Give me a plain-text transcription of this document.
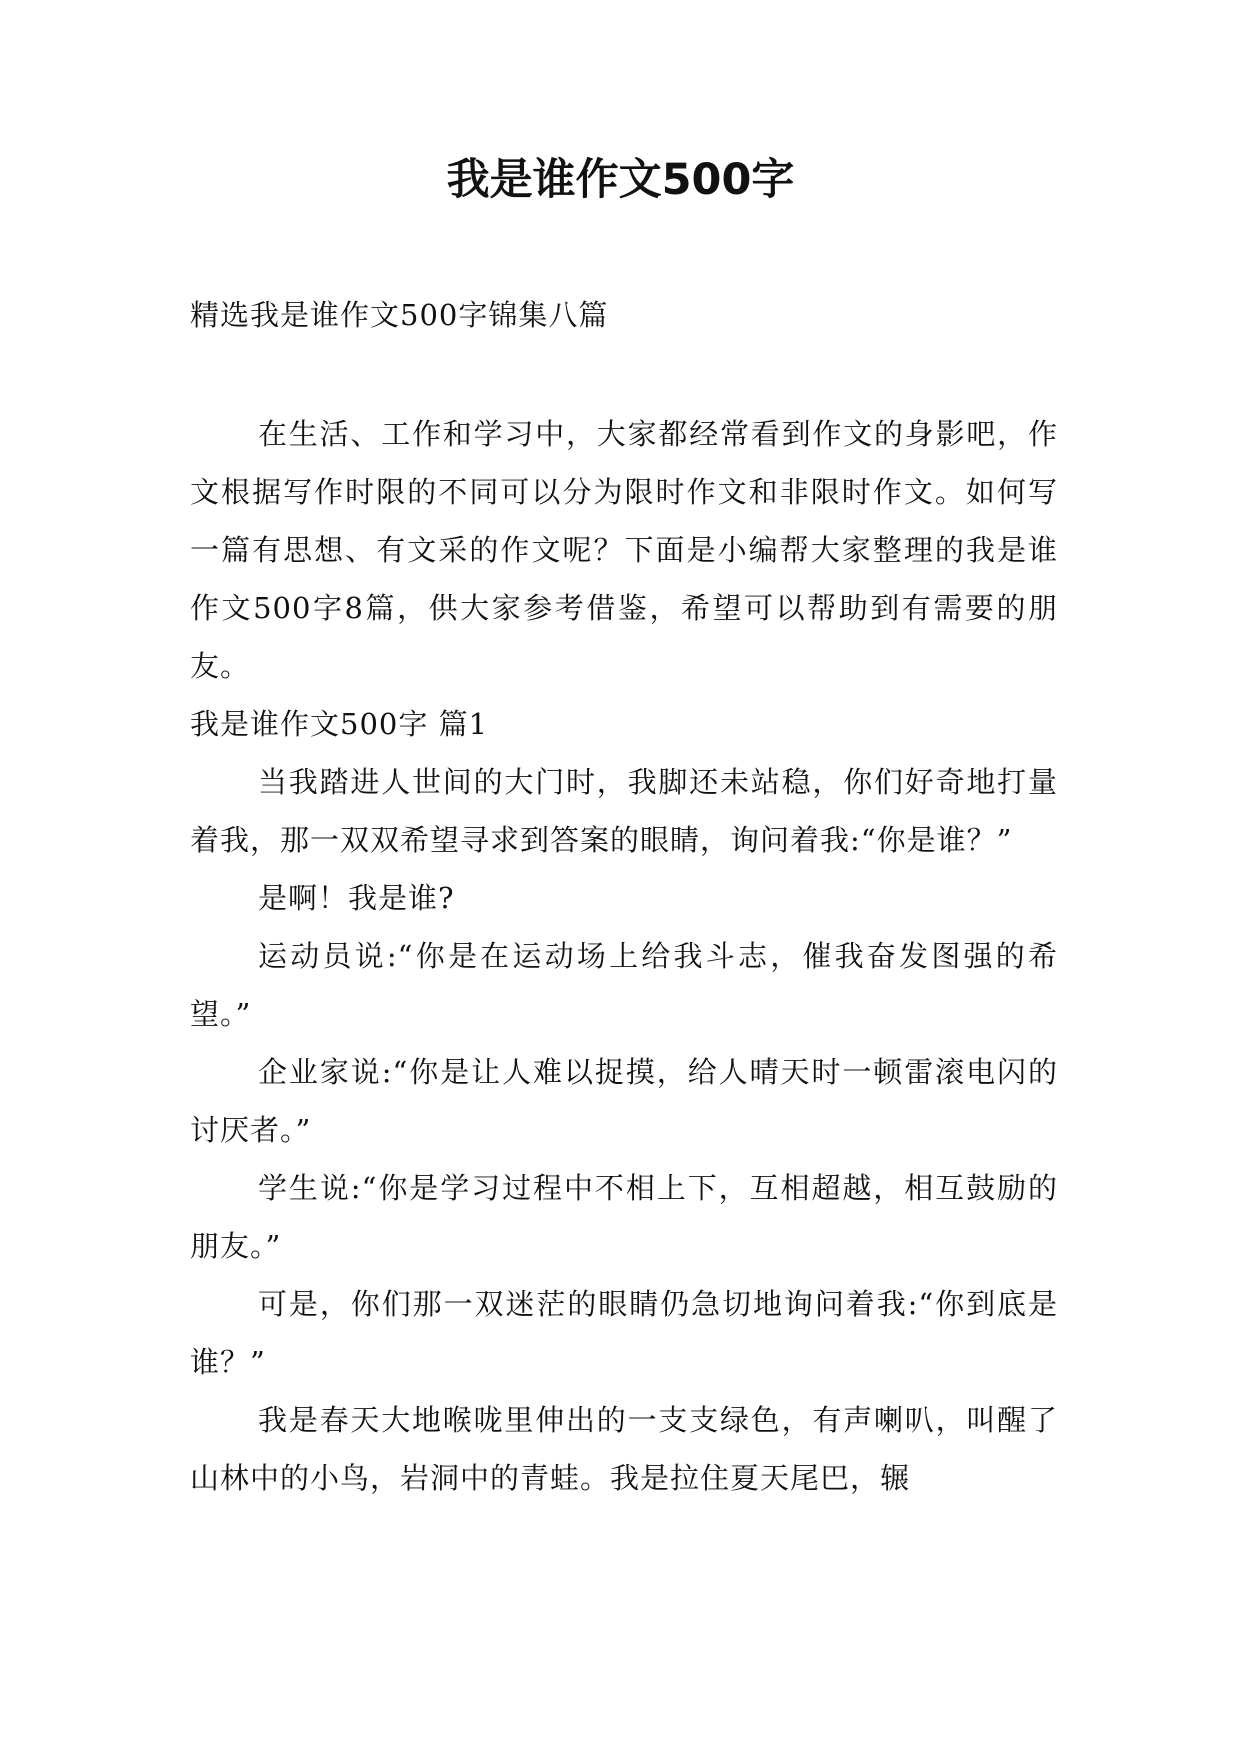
我是谁作文500字

精选我是谁作文500字锦集八篇

在生活、工作和学习中，大家都经常看到作文的身影吧，作文根据写作时限的不同可以分为限时作文和非限时作文。如何写一篇有思想、有文采的作文呢？下面是小编帮大家整理的我是谁作文500字8篇，供大家参考借鉴，希望可以帮助到有需要的朋友。

我是谁作文500字 篇1

当我踏进人世间的大门时，我脚还未站稳，你们好奇地打量着我，那一双双希望寻求到答案的眼睛，询问着我:“你是谁？”

是啊！我是谁?

运动员说:“你是在运动场上给我斗志，催我奋发图强的希望。”

企业家说:“你是让人难以捉摸，给人晴天时一顿雷滚电闪的讨厌者。”

学生说:“你是学习过程中不相上下，互相超越，相互鼓励的朋友。”

可是，你们那一双迷茫的眼睛仍急切地询问着我:“你到底是谁？”

我是春天大地喉咙里伸出的一支支绿色，有声喇叭，叫醒了山林中的小鸟，岩洞中的青蛙。我是拉住夏天尾巴，辗
